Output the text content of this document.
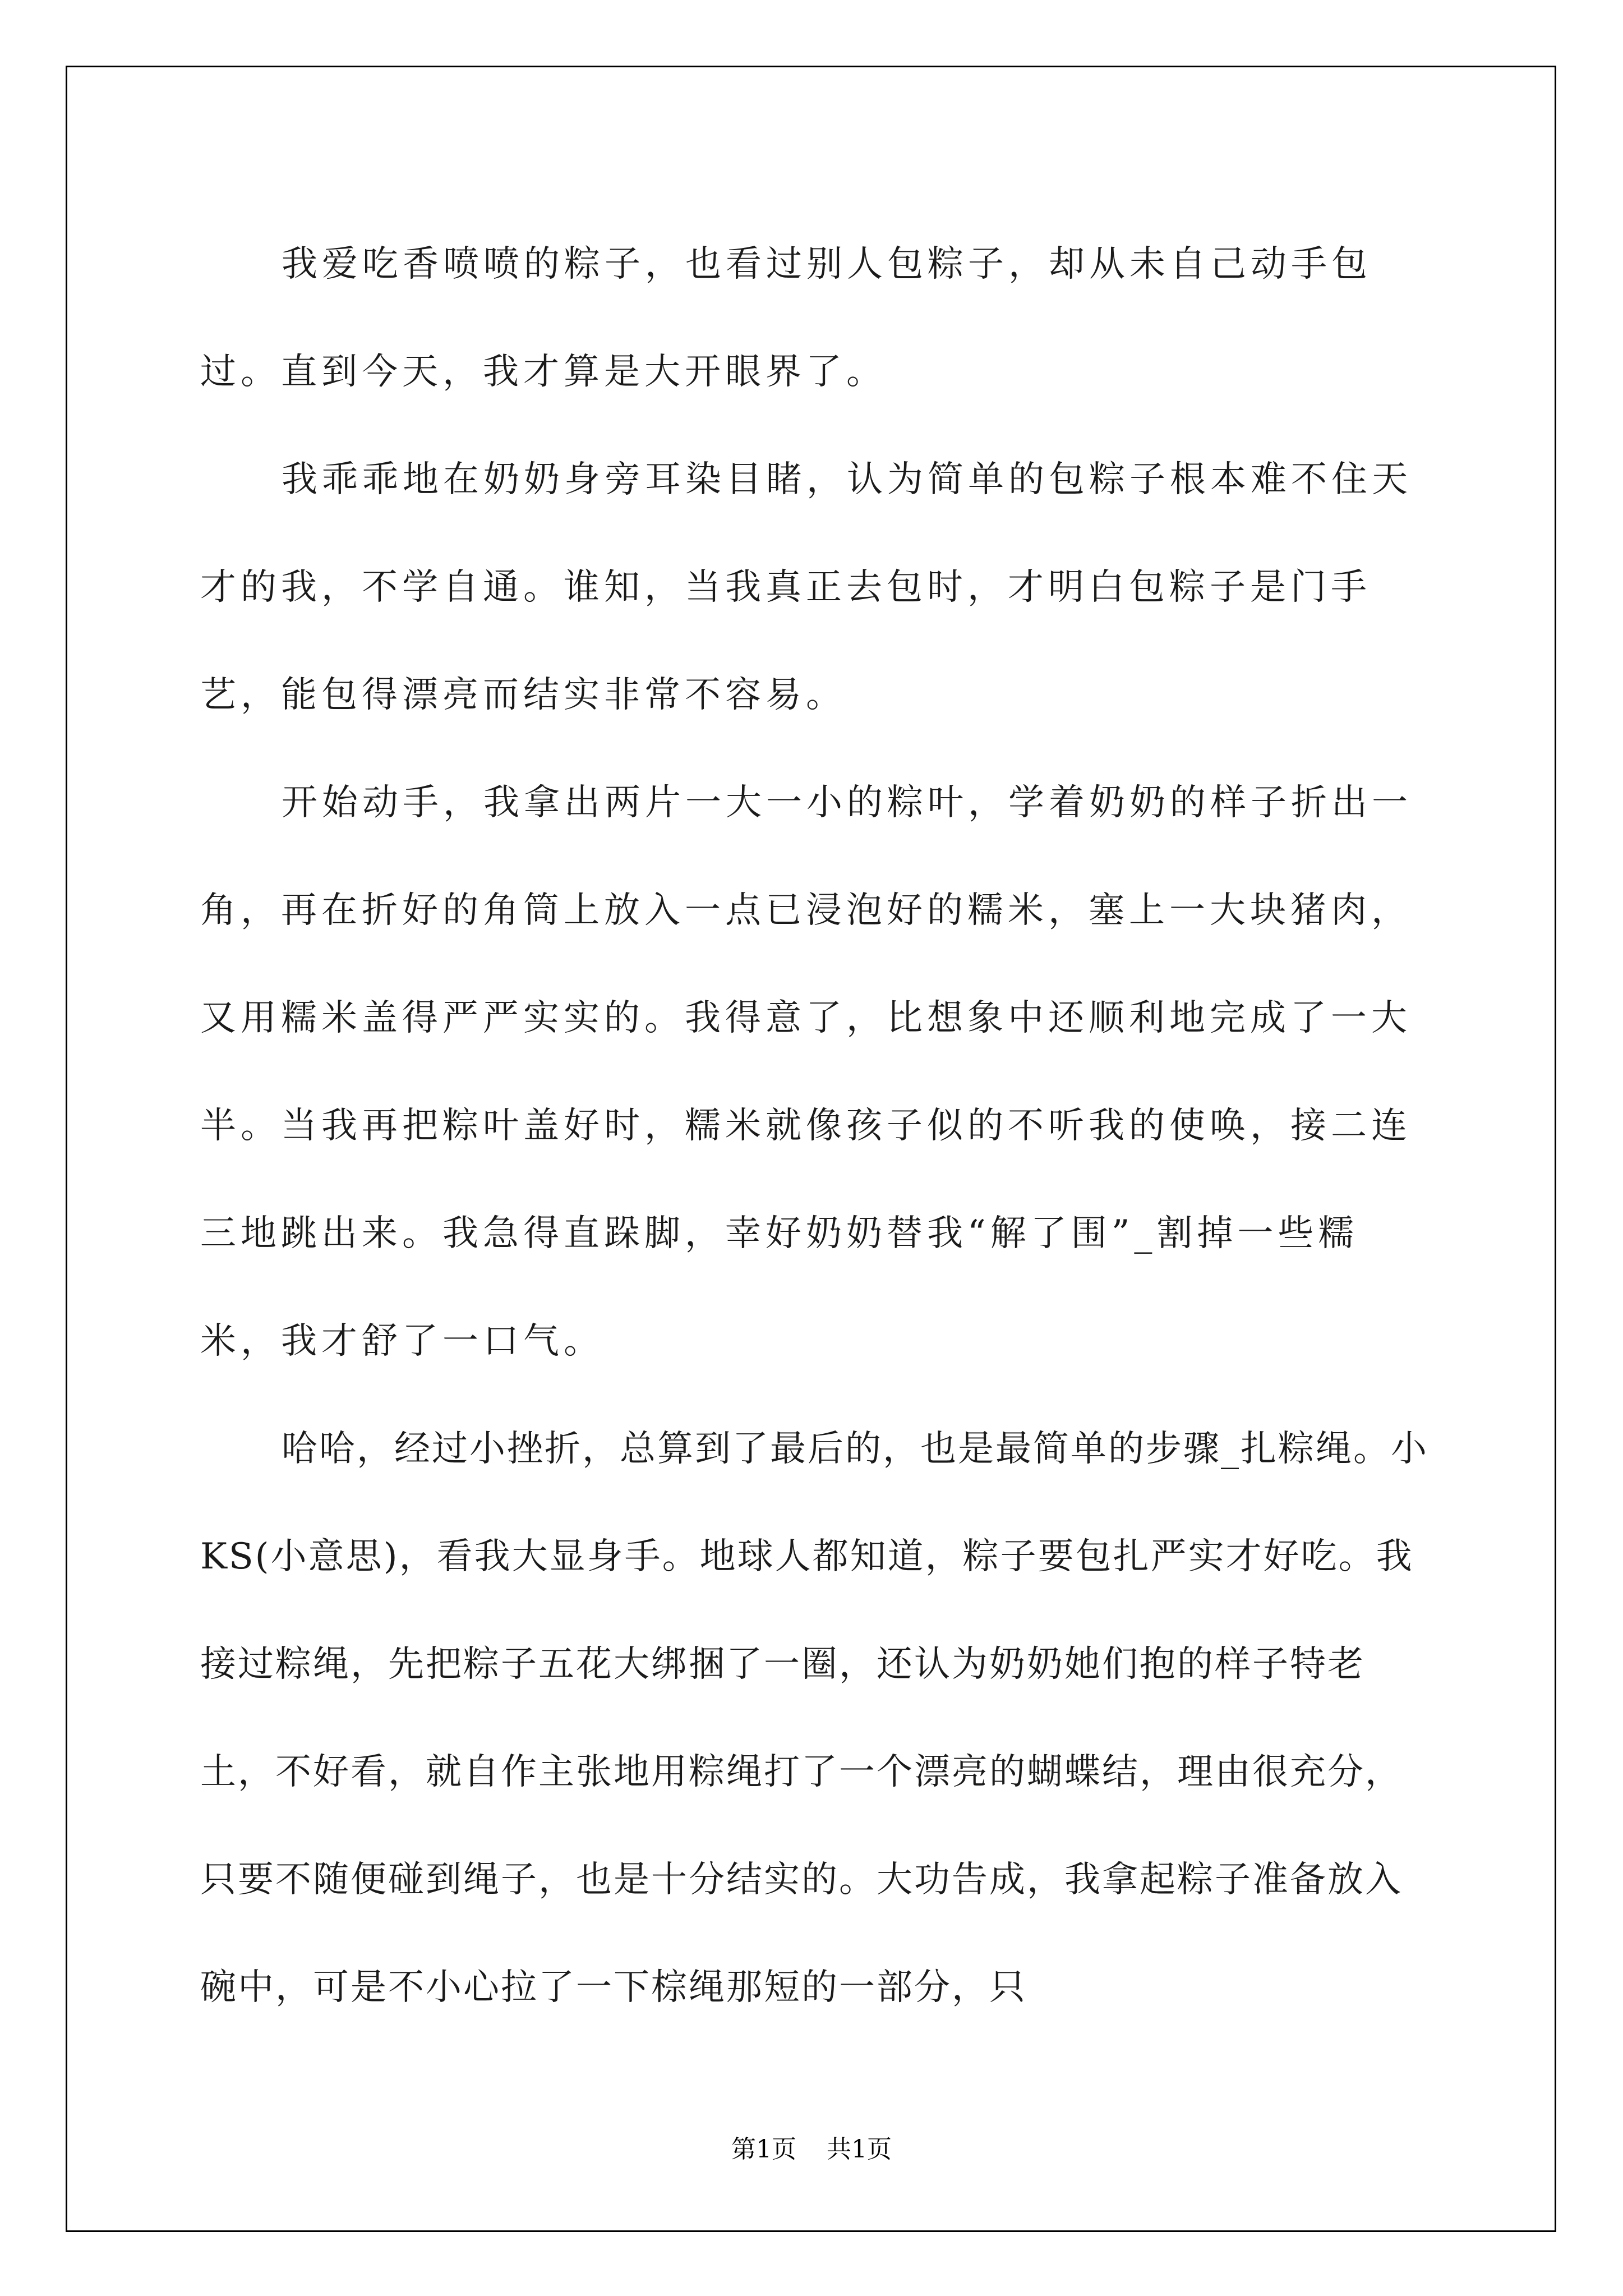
我爱吃香喷喷的粽子，也看过别人包粽子，却从未自己动手包过。直到今天，我才算是大开眼界了。

我乖乖地在奶奶身旁耳染目睹，认为简单的包粽子根本难不住天才的我，不学自通。谁知，当我真正去包时，才明白包粽子是门手艺，能包得漂亮而结实非常不容易。

开始动手，我拿出两片一大一小的粽叶，学着奶奶的样子折出一角，再在折好的角筒上放入一点已浸泡好的糯米，塞上一大块猪肉，又用糯米盖得严严实实的。我得意了，比想象中还顺利地完成了一大半。当我再把粽叶盖好时，糯米就像孩子似的不听我的使唤，接二连三地跳出来。我急得直跺脚，幸好奶奶替我“解了围”_割掉一些糯米，我才舒了一口气。

哈哈，经过小挫折，总算到了最后的，也是最简单的步骤_扎粽绳。小KS(小意思)，看我大显身手。地球人都知道，粽子要包扎严实才好吃。我接过粽绳，先把粽子五花大绑捆了一圈，还认为奶奶她们抱的样子特老土，不好看，就自作主张地用粽绳打了一个漂亮的蝴蝶结，理由很充分，只要不随便碰到绳子，也是十分结实的。大功告成，我拿起粽子准备放入碗中，可是不小心拉了一下棕绳那短的一部分，只

第1页 共1页
